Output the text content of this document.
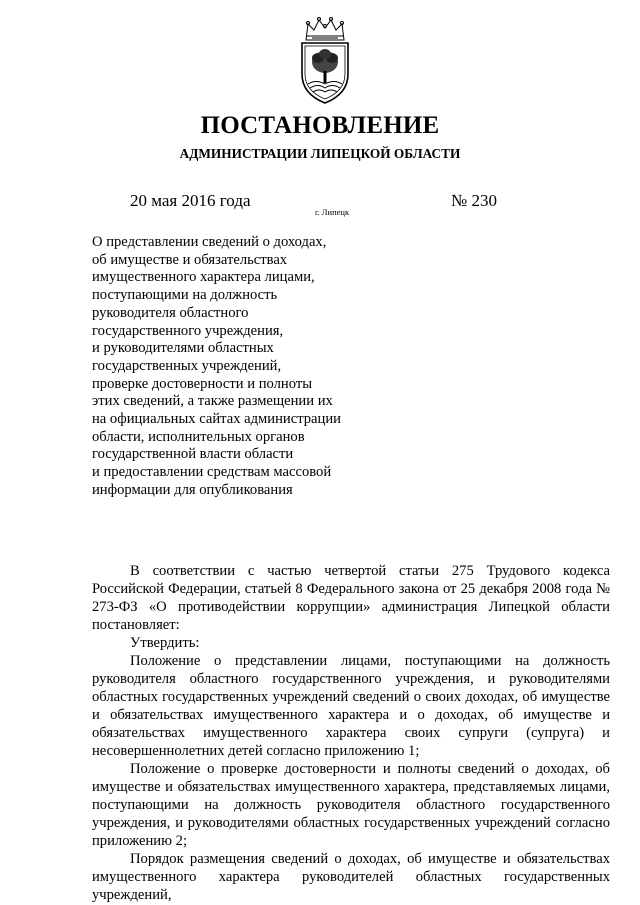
ПОСТАНОВЛЕНИЕ
АДМИНИСТРАЦИИ ЛИПЕЦКОЙ ОБЛАСТИ
20 мая 2016 года
г. Липецк
№ 230
О представлении сведений о доходах,
об имуществе и обязательствах
имущественного характера лицами,
поступающими на должность
руководителя областного
государственного учреждения,
и руководителями областных
государственных учреждений,
проверке достоверности и полноты
этих сведений, а также размещении их
на официальных сайтах администрации
области, исполнительных органов
государственной власти области
и предоставлении средствам массовой
информации для опубликования

В соответствии с частью четвертой статьи 275 Трудового кодекса Российской Федерации, статьей 8 Федерального закона от 25 декабря 2008 года № 273-ФЗ «О противодействии коррупции» администрация Липецкой области постановляет:

Утвердить:

Положение о представлении лицами, поступающими на должность руководителя областного государственного учреждения, и руководителями областных государственных учреждений сведений о своих доходах, об имуществе и обязательствах имущественного характера и о доходах, об имуществе и обязательствах имущественного характера своих супруги (супруга) и несовершеннолетних детей согласно приложению 1;

Положение о проверке достоверности и полноты сведений о доходах, об имуществе и обязательствах имущественного характера, представляемых лицами, поступающими на должность руководителя областного государственного учреждения, и руководителями областных государственных учреждений согласно приложению 2;

Порядок размещения сведений о доходах, об имуществе и обязательствах имущественного характера руководителей областных государственных учреждений,
